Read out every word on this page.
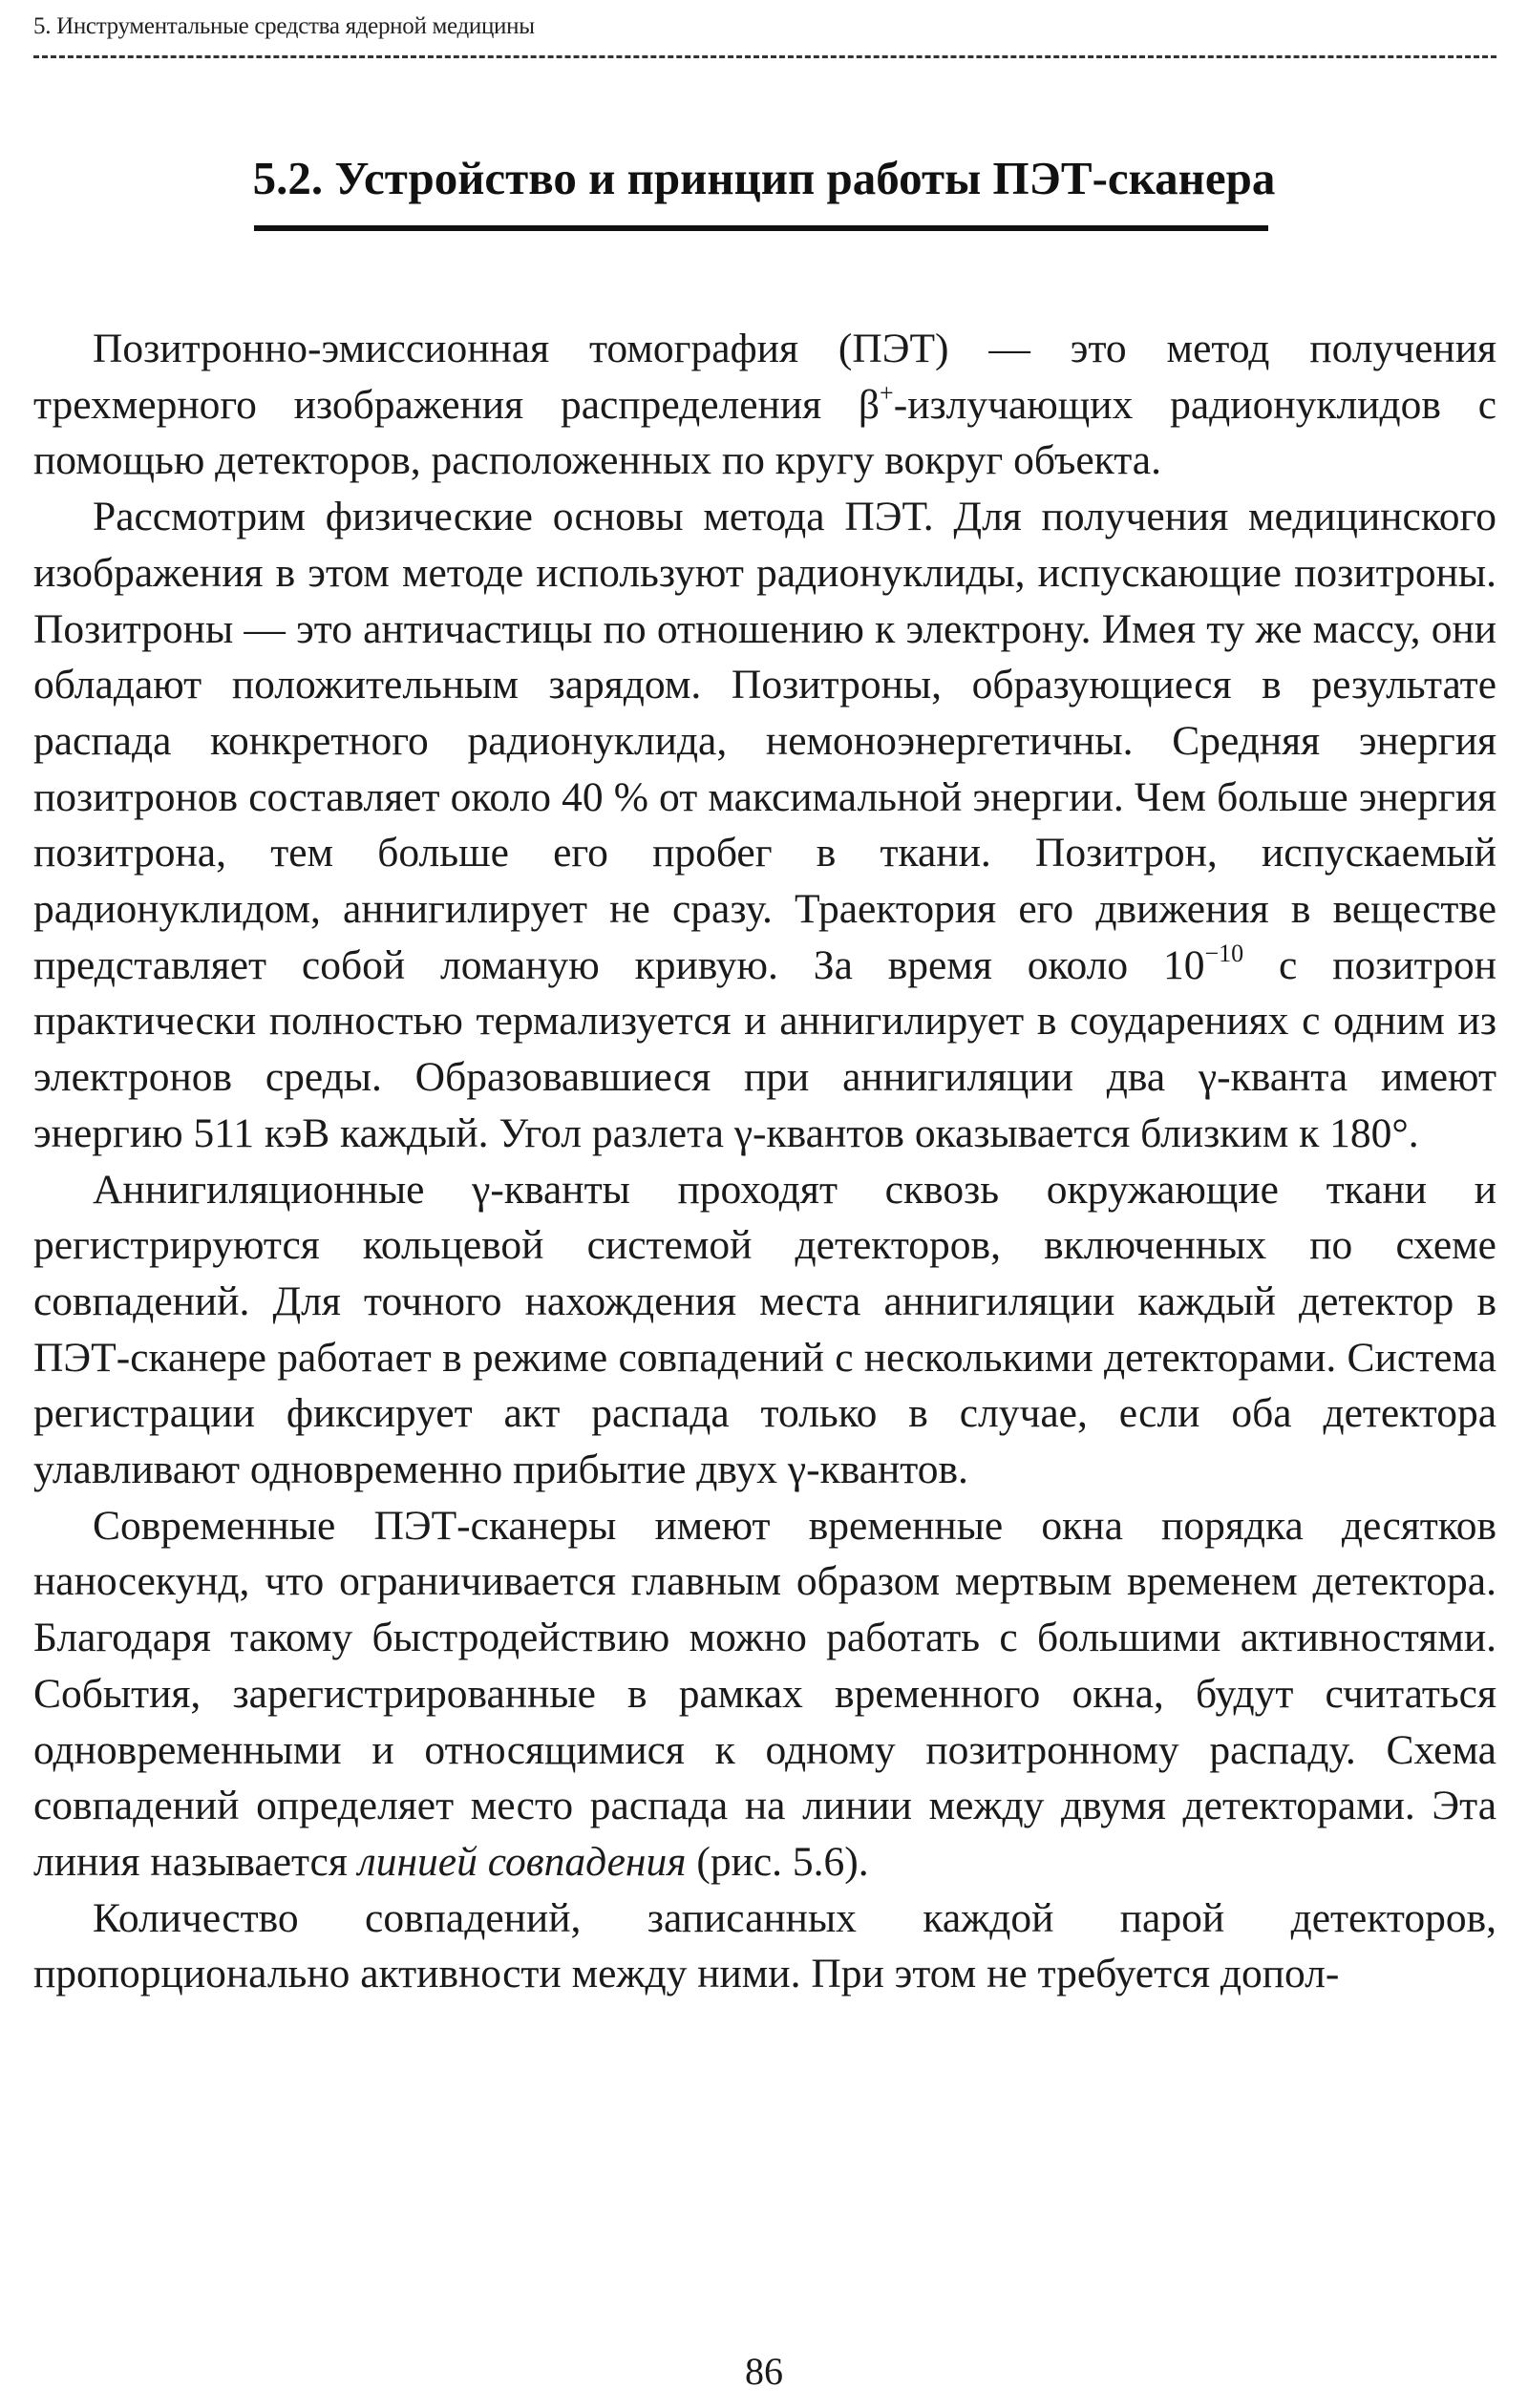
5. Инструментальные средства ядерной медицины
5.2. Устройство и принцип работы ПЭТ-сканера

Позитронно-эмиссионная томография (ПЭТ) — это метод получения трехмерного изображения распределения β+-излучающих радионуклидов с помощью детекторов, расположенных по кругу вокруг объекта.

Рассмотрим физические основы метода ПЭТ. Для получения медицинского изображения в этом методе используют радионуклиды, испускающие позитроны. Позитроны — это античастицы по отношению к электрону. Имея ту же массу, они обладают положительным зарядом. Позитроны, образующиеся в результате распада конкретного радионуклида, немоноэнергетичны. Средняя энергия позитронов составляет около 40 % от максимальной энергии. Чем больше энергия позитрона, тем больше его пробег в ткани. Позитрон, испускаемый радионуклидом, аннигилирует не сразу. Траектория его движения в веществе представляет собой ломаную кривую. За время около $10^{-10}$ с позитрон практически полностью термализуется и аннигилирует в соударениях с одним из электронов среды. Образовавшиеся при аннигиляции два γ-кванта имеют энергию 511 кэВ каждый. Угол разлета γ-квантов оказывается близким к 180°.

Аннигиляционные γ-кванты проходят сквозь окружающие ткани и регистрируются кольцевой системой детекторов, включенных по схеме совпадений. Для точного нахождения места аннигиляции каждый детектор в ПЭТ-сканере работает в режиме совпадений с несколькими детекторами. Система регистрации фиксирует акт распада только в случае, если оба детектора улавливают одновременно прибытие двух γ-квантов.

Современные ПЭТ-сканеры имеют временные окна порядка десятков наносекунд, что ограничивается главным образом мертвым временем детектора. Благодаря такому быстродействию можно работать с большими активностями. События, зарегистрированные в рамках временного окна, будут считаться одновременными и относящимися к одному позитронному распаду. Схема совпадений определяет место распада на линии между двумя детекторами. Эта линия называется линией совпадения (рис. 5.6).

Количество совпадений, записанных каждой парой детекторов, пропорционально активности между ними. При этом не требуется допол-

86
